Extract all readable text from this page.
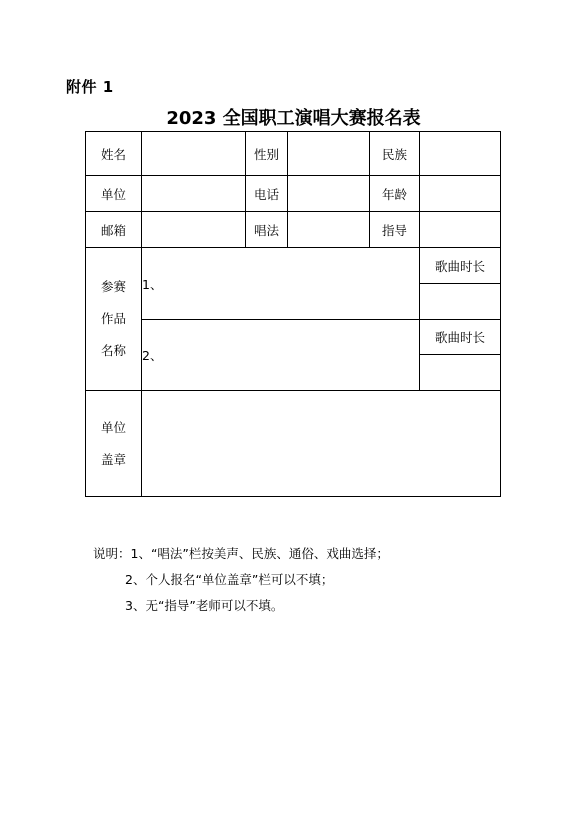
附件 1
2023 全国职工演唱大赛报名表
姓名		性别		民族	
单位		电话		年龄	
邮箱		唱法		指导	

参赛
作品
名称	1、				歌曲时长

	2、				歌曲时长

单位
盖章					

说明：1、“唱法”栏按美声、民族、通俗、戏曲选择；
2、个人报名“单位盖章”栏可以不填；
3、无“指导”老师可以不填。
